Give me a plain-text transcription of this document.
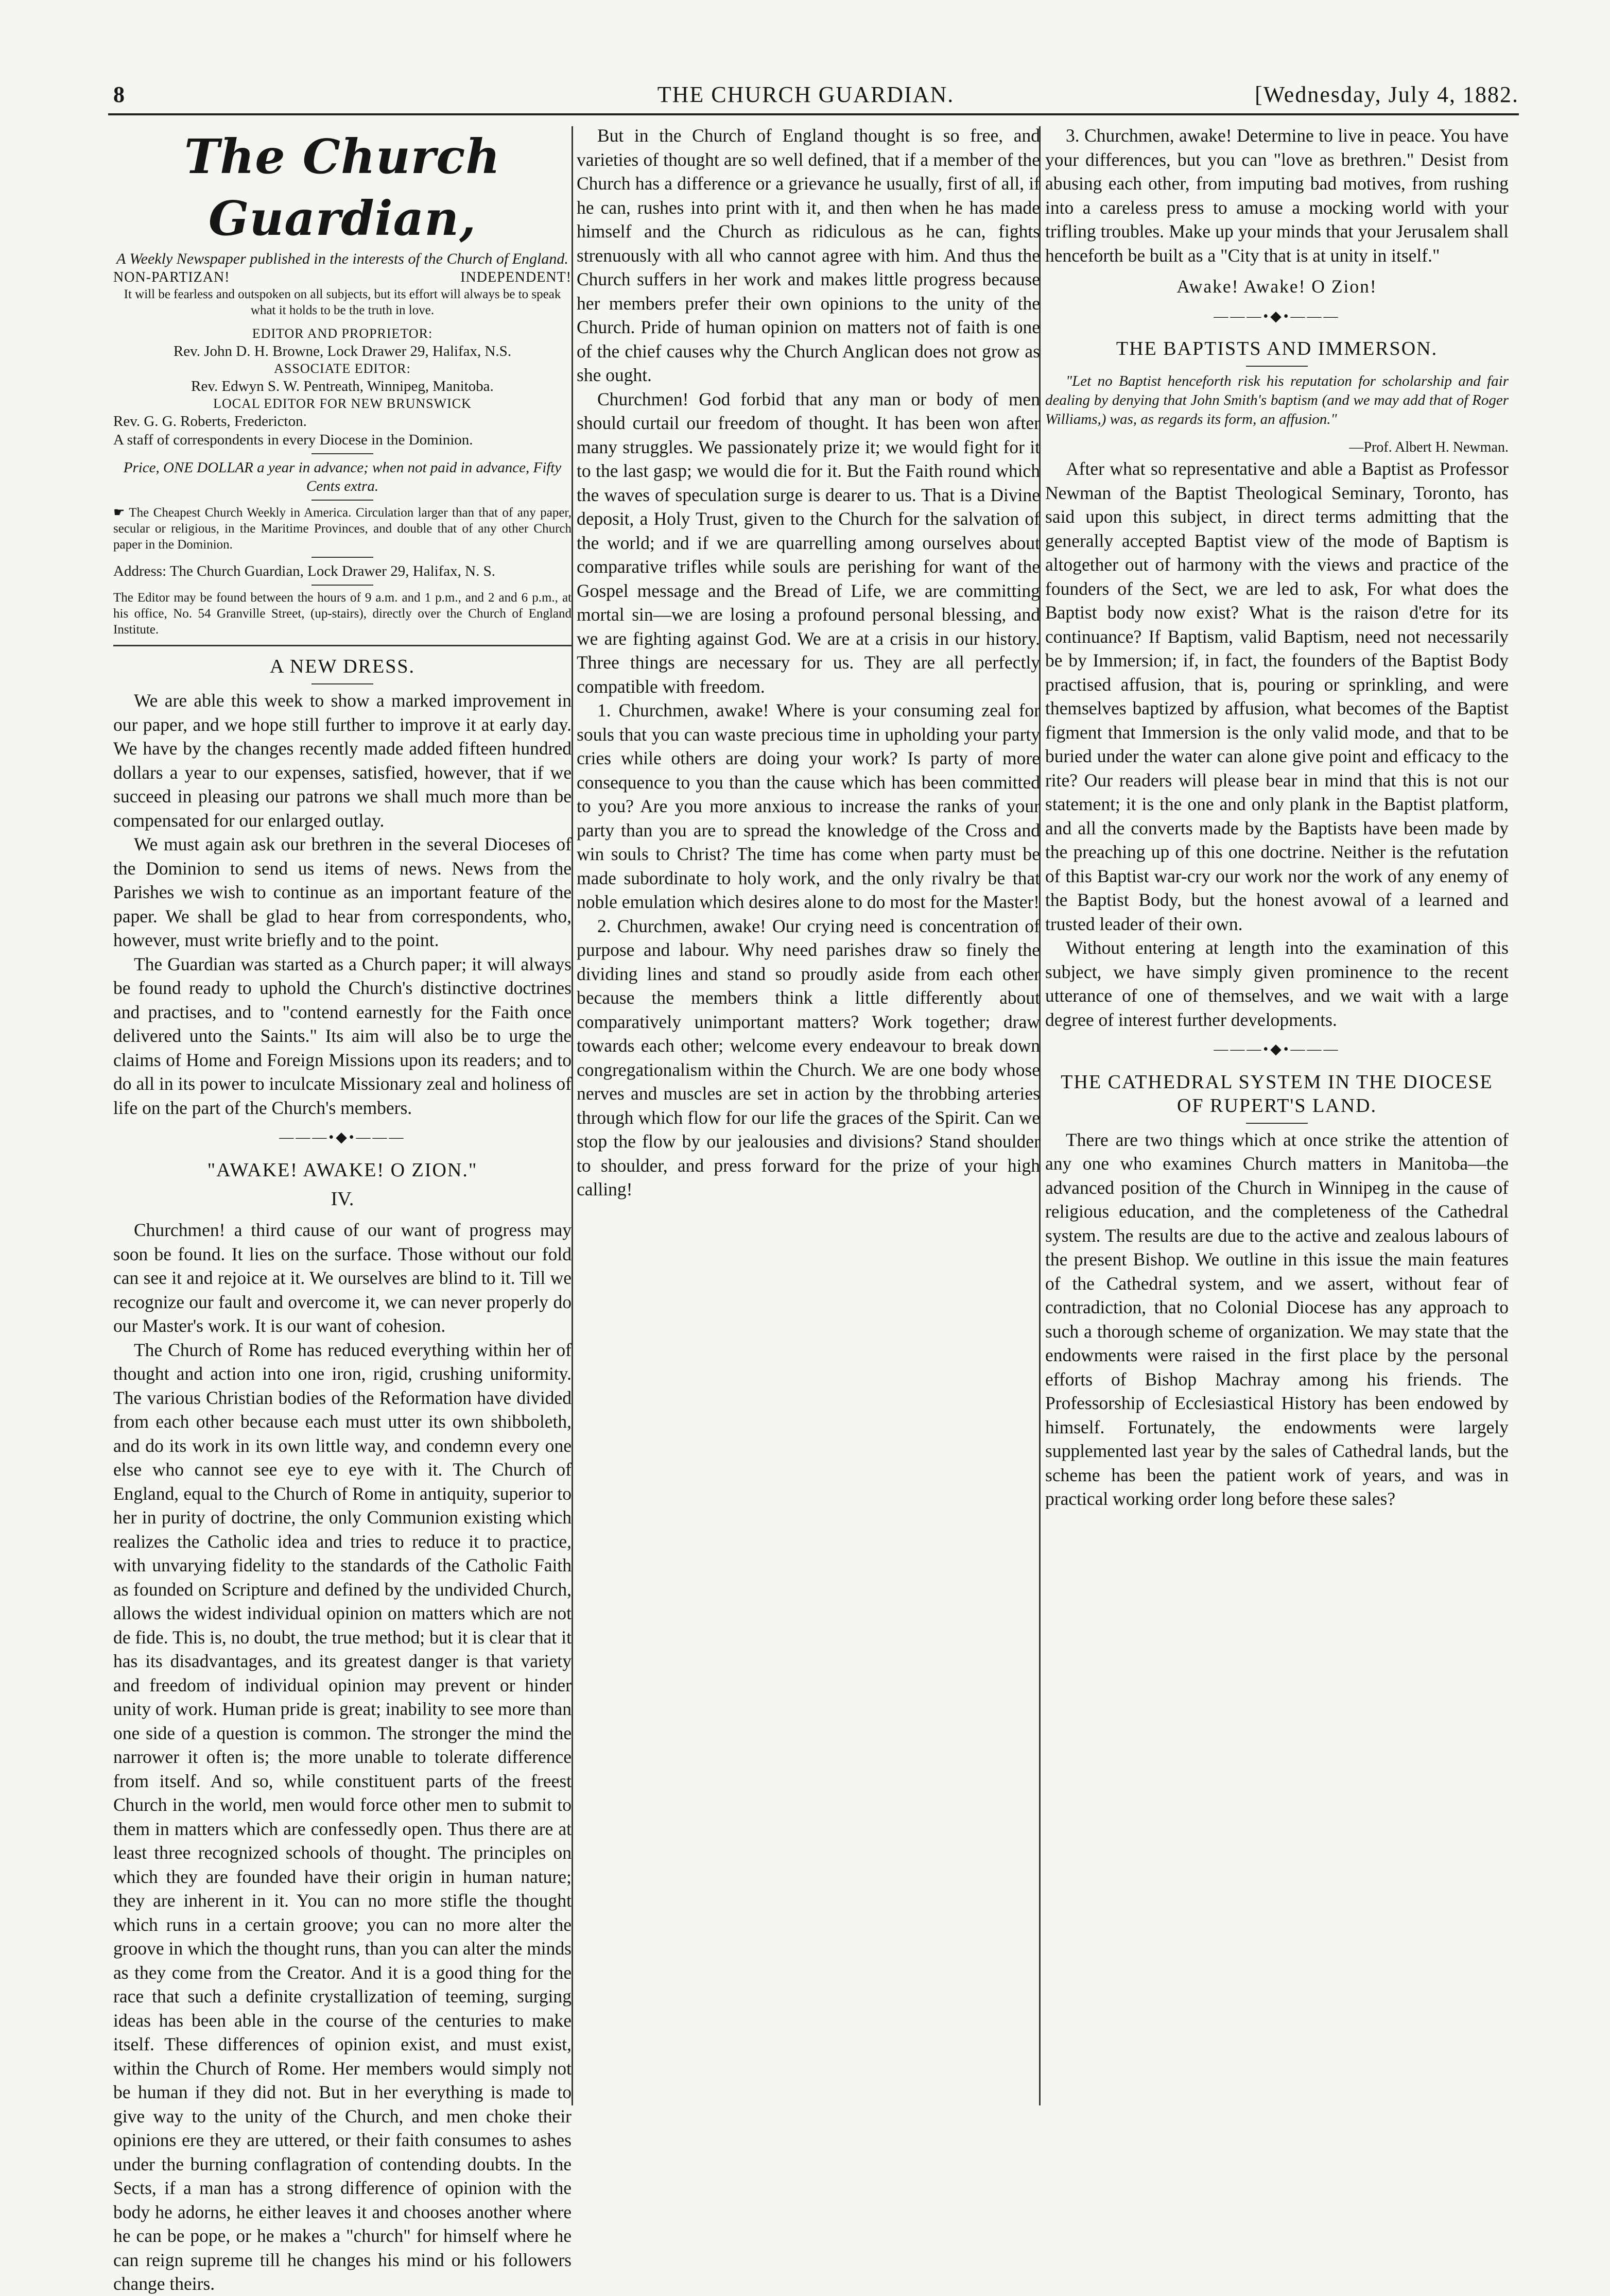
8	THE CHURCH GUARDIAN.	[Wednesday, July 4, 1882.
The Church Guardian,
A Weekly Newspaper published in the interests of the Church of England.
NON-PARTIZAN!	INDEPENDENT!
It will be fearless and outspoken on all subjects, but its effort will always be to speak what it holds to be the truth in love.
EDITOR AND PROPRIETOR:
Rev. John D. H. Browne, Lock Drawer 29, Halifax, N.S.
ASSOCIATE EDITOR:
Rev. Edwyn S. W. Pentreath, Winnipeg, Manitoba.
LOCAL EDITOR FOR NEW BRUNSWICK
Rev. G. G. Roberts, Fredericton.
A staff of correspondents in every Diocese in the Dominion.
Price, ONE DOLLAR a year in advance; when not paid in advance, Fifty Cents extra.
☛ The Cheapest Church Weekly in America. Circulation larger than that of any paper, secular or religious, in the Maritime Provinces, and double that of any other Church paper in the Dominion.
Address: The Church Guardian, Lock Drawer 29, Halifax, N. S.
The Editor may be found between the hours of 9 a.m. and 1 p.m., and 2 and 6 p.m., at his office, No. 54 Granville Street, (up-stairs), directly over the Church of England Institute.
A NEW DRESS.

We are able this week to show a marked improvement in our paper, and we hope still further to improve it at early day. We have by the changes recently made added fifteen hundred dollars a year to our expenses, satisfied, however, that if we succeed in pleasing our patrons we shall much more than be compensated for our enlarged outlay.

We must again ask our brethren in the several Dioceses of the Dominion to send us items of news. News from the Parishes we wish to continue as an important feature of the paper. We shall be glad to hear from correspondents, who, however, must write briefly and to the point.

The Guardian was started as a Church paper; it will always be found ready to uphold the Church's distinctive doctrines and practises, and to "contend earnestly for the Faith once delivered unto the Saints." Its aim will also be to urge the claims of Home and Foreign Missions upon its readers; and to do all in its power to inculcate Missionary zeal and holiness of life on the part of the Church's members.

———•◆•———
"AWAKE! AWAKE! O ZION."
IV.

Churchmen! a third cause of our want of progress may soon be found. It lies on the surface. Those without our fold can see it and rejoice at it. We ourselves are blind to it. Till we recognize our fault and overcome it, we can never properly do our Master's work. It is our want of cohesion.

The Church of Rome has reduced everything within her of thought and action into one iron, rigid, crushing uniformity. The various Christian bodies of the Reformation have divided from each other because each must utter its own shibboleth, and do its work in its own little way, and condemn every one else who cannot see eye to eye with it. The Church of England, equal to the Church of Rome in antiquity, superior to her in purity of doctrine, the only Communion existing which realizes the Catholic idea and tries to reduce it to practice, with unvarying fidelity to the standards of the Catholic Faith as founded on Scripture and defined by the undivided Church, allows the widest individual opinion on matters which are not de fide. This is, no doubt, the true method; but it is clear that it has its disadvantages, and its greatest danger is that variety and freedom of individual opinion may prevent or hinder unity of work. Human pride is great; inability to see more than one side of a question is common. The stronger the mind the narrower it often is; the more unable to tolerate difference from itself. And so, while constituent parts of the freest Church in the world, men would force other men to submit to them in matters which are confessedly open. Thus there are at least three recognized schools of thought. The principles on which they are founded have their origin in human nature; they are inherent in it. You can no more stifle the thought which runs in a certain groove; you can no more alter the groove in which the thought runs, than you can alter the minds as they come from the Creator. And it is a good thing for the race that such a definite crystallization of teeming, surging ideas has been able in the course of the centuries to make itself. These differences of opinion exist, and must exist, within the Church of Rome. Her members would simply not be human if they did not. But in her everything is made to give way to the unity of the Church, and men choke their opinions ere they are uttered, or their faith consumes to ashes under the burning conflagration of contending doubts. In the Sects, if a man has a strong difference of opinion with the body he adorns, he either leaves it and chooses another where he can be pope, or he makes a "church" for himself where he can reign supreme till he changes his mind or his followers change theirs.

But in the Church of England thought is so free, and varieties of thought are so well defined, that if a member of the Church has a difference or a grievance he usually, first of all, if he can, rushes into print with it, and then when he has made himself and the Church as ridiculous as he can, fights strenuously with all who cannot agree with him. And thus the Church suffers in her work and makes little progress because her members prefer their own opinions to the unity of the Church. Pride of human opinion on matters not of faith is one of the chief causes why the Church Anglican does not grow as she ought.

Churchmen! God forbid that any man or body of men should curtail our freedom of thought. It has been won after many struggles. We passionately prize it; we would fight for it to the last gasp; we would die for it. But the Faith round which the waves of speculation surge is dearer to us. That is a Divine deposit, a Holy Trust, given to the Church for the salvation of the world; and if we are quarrelling among ourselves about comparative trifles while souls are perishing for want of the Gospel message and the Bread of Life, we are committing mortal sin—we are losing a profound personal blessing, and we are fighting against God. We are at a crisis in our history. Three things are necessary for us. They are all perfectly compatible with freedom.

1. Churchmen, awake! Where is your consuming zeal for souls that you can waste precious time in upholding your party cries while others are doing your work? Is party of more consequence to you than the cause which has been committed to you? Are you more anxious to increase the ranks of your party than you are to spread the knowledge of the Cross and win souls to Christ? The time has come when party must be made subordinate to holy work, and the only rivalry be that noble emulation which desires alone to do most for the Master!

2. Churchmen, awake! Our crying need is concentration of purpose and labour. Why need parishes draw so finely the dividing lines and stand so proudly aside from each other because the members think a little differently about comparatively unimportant matters? Work together; draw towards each other; welcome every endeavour to break down congregationalism within the Church. We are one body whose nerves and muscles are set in action by the throbbing arteries through which flow for our life the graces of the Spirit. Can we stop the flow by our jealousies and divisions? Stand shoulder to shoulder, and press forward for the prize of your high calling!

3. Churchmen, awake! Determine to live in peace. You have your differences, but you can "love as brethren." Desist from abusing each other, from imputing bad motives, from rushing into a careless press to amuse a mocking world with your trifling troubles. Make up your minds that your Jerusalem shall henceforth be built as a "City that is at unity in itself."

Awake! Awake! O Zion!
———•◆•———
THE BAPTISTS AND IMMERSON.
"Let no Baptist henceforth risk his reputation for scholarship and fair dealing by denying that John Smith's baptism (and we may add that of Roger Williams,) was, as regards its form, an affusion."
—Prof. Albert H. Newman.

After what so representative and able a Baptist as Professor Newman of the Baptist Theological Seminary, Toronto, has said upon this subject, in direct terms admitting that the generally accepted Baptist view of the mode of Baptism is altogether out of harmony with the views and practice of the founders of the Sect, we are led to ask, For what does the Baptist body now exist? What is the raison d'etre for its continuance? If Baptism, valid Baptism, need not necessarily be by Immersion; if, in fact, the founders of the Baptist Body practised affusion, that is, pouring or sprinkling, and were themselves baptized by affusion, what becomes of the Baptist figment that Immersion is the only valid mode, and that to be buried under the water can alone give point and efficacy to the rite? Our readers will please bear in mind that this is not our statement; it is the one and only plank in the Baptist platform, and all the converts made by the Baptists have been made by the preaching up of this one doctrine. Neither is the refutation of this Baptist war-cry our work nor the work of any enemy of the Baptist Body, but the honest avowal of a learned and trusted leader of their own.

Without entering at length into the examination of this subject, we have simply given prominence to the recent utterance of one of themselves, and we wait with a large degree of interest further developments.

———•◆•———
THE CATHEDRAL SYSTEM IN THE DIOCESE OF RUPERT'S LAND.

There are two things which at once strike the attention of any one who examines Church matters in Manitoba—the advanced position of the Church in Winnipeg in the cause of religious education, and the completeness of the Cathedral system. The results are due to the active and zealous labours of the present Bishop. We outline in this issue the main features of the Cathedral system, and we assert, without fear of contradiction, that no Colonial Diocese has any approach to such a thorough scheme of organization. We may state that the endowments were raised in the first place by the personal efforts of Bishop Machray among his friends. The Professorship of Ecclesiastical History has been endowed by himself. Fortunately, the endowments were largely supplemented last year by the sales of Cathedral lands, but the scheme has been the patient work of years, and was in practical working order long before these sales?
